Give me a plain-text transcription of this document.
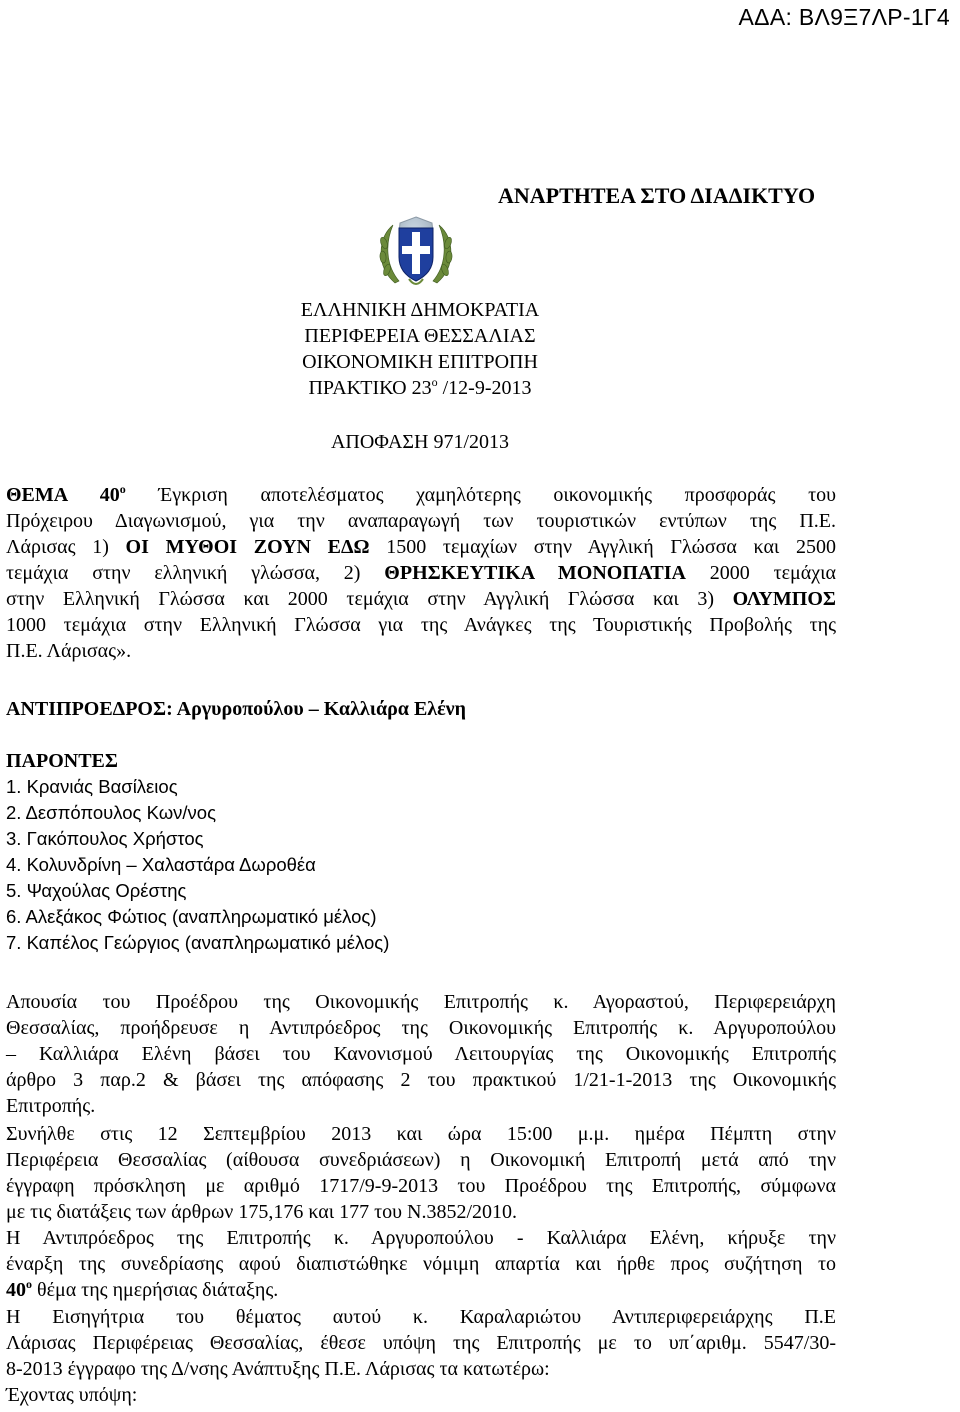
ΑΔΑ: ΒΛ9Ξ7ΛΡ-1Γ4
ΑΝΑΡΤΗΤΕΑ ΣΤΟ ΔΙΑΔΙΚΤΥΟ
ΕΛΛΗΝΙΚΗ ΔΗΜΟΚΡΑΤΙΑ
ΠΕΡΙΦΕΡΕΙΑ ΘΕΣΣΑΛΙΑΣ
ΟΙΚΟΝΟΜΙΚΗ ΕΠΙΤΡΟΠΗ
ΠΡΑΚΤΙΚΟ $23^o$ /12-9-2013
ΑΠΟΦΑΣΗ 971/2013
ΘΕΜΑ $40^o$ Έγκριση αποτελέσματος χαμηλότερης οικονομικής προσφοράς του
Πρόχειρου Διαγωνισμού, για την αναπαραγωγή των τουριστικών εντύπων της Π.Ε.
Λάρισας 1) ΟΙ ΜΥΘΟΙ ΖΟΥΝ ΕΔΩ 1500 τεμαχίων στην Αγγλική Γλώσσα και 2500
τεμάχια στην ελληνική γλώσσα, 2) ΘΡΗΣΚΕΥΤΙΚΑ ΜΟΝΟΠΑΤΙΑ 2000 τεμάχια
στην Ελληνική Γλώσσα και 2000 τεμάχια στην Αγγλική Γλώσσα και 3) ΟΛΥΜΠΟΣ
1000 τεμάχια στην Ελληνική Γλώσσα για της Ανάγκες της Τουριστικής Προβολής της
Π.Ε. Λάρισας».
ΑΝΤΙΠΡΟΕΔΡΟΣ: Αργυροπούλου – Καλλιάρα Ελένη
ΠΑΡΟΝΤΕΣ
1. Κρανιάς Βασίλειος
2. Δεσπόπουλος Κων/νος
3. Γακόπουλος Χρήστος
4. Κολυνδρίνη – Χαλαστάρα Δωροθέα
5. Ψαχούλας Ορέστης
6. Αλεξάκος Φώτιος (αναπληρωματικό μέλος)
7. Καπέλος Γεώργιος (αναπληρωματικό μέλος)
Απουσία του Προέδρου της Οικονομικής Επιτροπής κ. Αγοραστού, Περιφερειάρχη
Θεσσαλίας, προήδρευσε η Αντιπρόεδρος της Οικονομικής Επιτροπής κ. Αργυροπούλου
– Καλλιάρα Ελένη βάσει του Κανονισμού Λειτουργίας της Οικονομικής Επιτροπής
άρθρο 3 παρ.2 & βάσει της απόφασης 2 του πρακτικού 1/21-1-2013 της Οικονομικής
Επιτροπής.
Συνήλθε στις 12 Σεπτεμβρίου 2013 και ώρα 15:00 μ.μ. ημέρα Πέμπτη στην
Περιφέρεια Θεσσαλίας (αίθουσα συνεδριάσεων) η Οικονομική Επιτροπή μετά από την
έγγραφη πρόσκληση με αριθμό 1717/9-9-2013 του Προέδρου της Επιτροπής, σύμφωνα
με τις διατάξεις των άρθρων 175,176 και 177 του Ν.3852/2010.
Η Αντιπρόεδρος της Επιτροπής κ. Αργυροπούλου - Καλλιάρα Ελένη, κήρυξε την
έναρξη της συνεδρίασης αφού διαπιστώθηκε νόμιμη απαρτία και ήρθε προς συζήτηση το
$40^o$ θέμα της ημερήσιας διάταξης.
Η Εισηγήτρια του θέματος αυτού κ. Καραλαριώτου Αντιπεριφερειάρχης Π.Ε
Λάρισας Περιφέρειας Θεσσαλίας, έθεσε υπόψη της Επιτροπής με το υπ΄αριθμ. 5547/30-
8-2013 έγγραφο της Δ/νσης Ανάπτυξης Π.Ε. Λάρισας τα κατωτέρω:
Έχοντας υπόψη:
